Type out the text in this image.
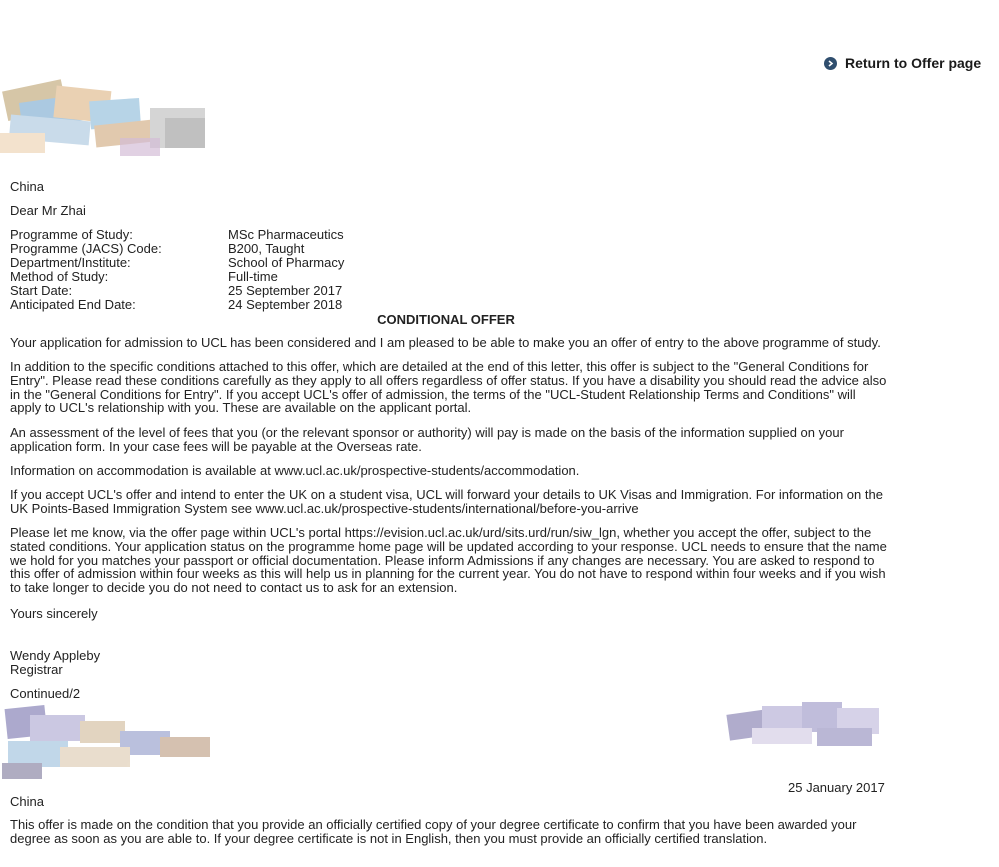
Return to Offer page
China
Dear Mr Zhai
Programme of Study:	MSc Pharmaceutics
Programme (JACS) Code:	B200, Taught
Department/Institute:	School of Pharmacy
Method of Study:	Full-time
Start Date:	25 September 2017
Anticipated End Date:	24 September 2018
CONDITIONAL OFFER

Your application for admission to UCL has been considered and I am pleased to be able to make you an offer of entry to the above programme of study.

In addition to the specific conditions attached to this offer, which are detailed at the end of this letter, this offer is subject to the "General Conditions for Entry". Please read these conditions carefully as they apply to all offers regardless of offer status. If you have a disability you should read the advice also in the "General Conditions for Entry". If you accept UCL's offer of admission, the terms of the "UCL-Student Relationship Terms and Conditions" will apply to UCL's relationship with you. These are available on the applicant portal.

An assessment of the level of fees that you (or the relevant sponsor or authority) will pay is made on the basis of the information supplied on your application form. In your case fees will be payable at the Overseas rate.

Information on accommodation is available at www.ucl.ac.uk/prospective-students/accommodation.

If you accept UCL's offer and intend to enter the UK on a student visa, UCL will forward your details to UK Visas and Immigration. For information on the UK Points-Based Immigration System see www.ucl.ac.uk/prospective-students/international/before-you-arrive

Please let me know, via the offer page within UCL's portal https://evision.ucl.ac.uk/urd/sits.urd/run/siw_lgn, whether you accept the offer, subject to the stated conditions. Your application status on the programme home page will be updated according to your response. UCL needs to ensure that the name we hold for you matches your passport or official documentation. Please inform Admissions if any changes are necessary. You are asked to respond to this offer of admission within four weeks as this will help us in planning for the current year. You do not have to respond within four weeks and if you wish to take longer to decide you do not need to contact us to ask for an extension.

Yours sincerely
Wendy Appleby
Registrar
Continued/2
25 January 2017
China

This offer is made on the condition that you provide an officially certified copy of your degree certificate to confirm that you have been awarded your degree as soon as you are able to. If your degree certificate is not in English, then you must provide an officially certified translation.
